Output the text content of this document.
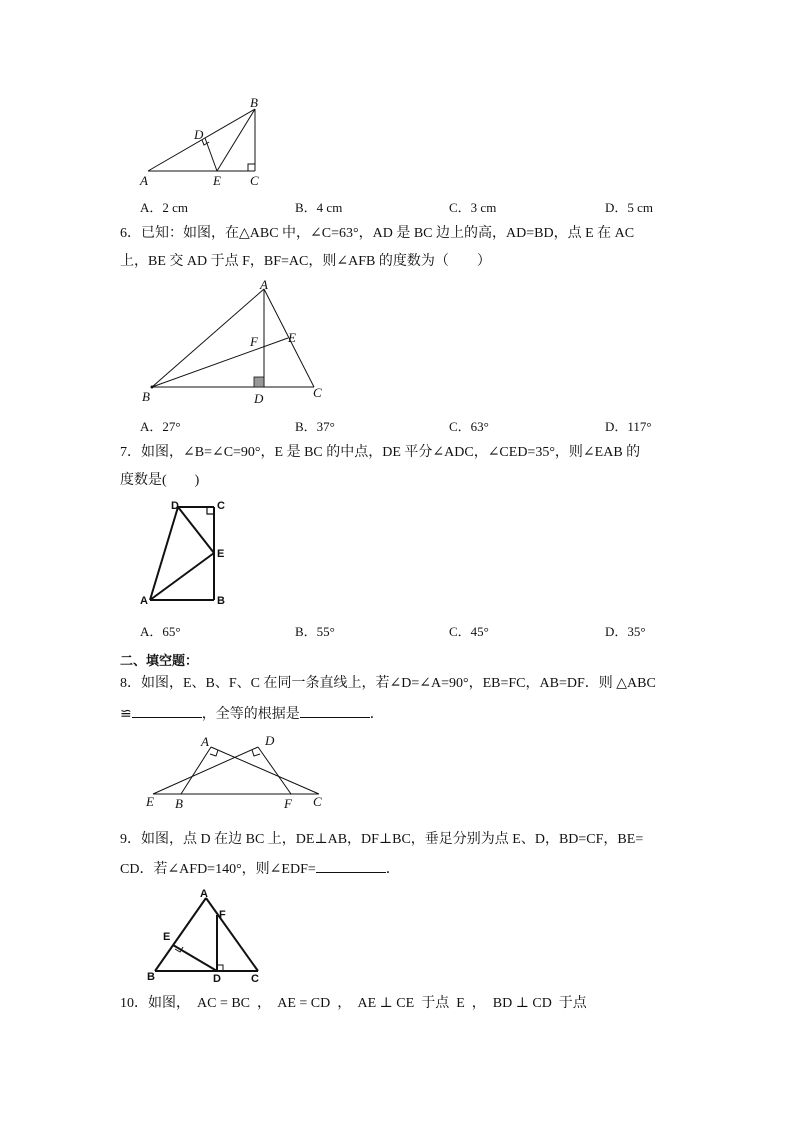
A	E C
B
D
A．2 cm	B．4 cm	C．3 cm	D．5 cm
6．已知：如图，在△ABC 中，∠C=63°，AD 是 BC 边上的高，AD=BD，点 E 在 AC
上，BE 交 AD 于点 F，BF=AC，则∠AFB 的度数为（　　）
A
F E
B	D	C
A．27°	B．37°	C．63°	D．117°
7．如图，∠B=∠C=90°，E 是 BC 的中点，DE 平分∠ADC，∠CED=35°，则∠EAB 的
度数是(　　)
D	C
E
A	B
A．65°	B．55°	C．45°	D．35°
二、填空题：
8．如图，E、B、F、C 在同一条直线上，若∠D=∠A=90°，EB=FC，AB=DF．则 △ABC
≌	，全等的根据是	．
A	D
E B	F C
9．如图，点 D 在边 BC 上，DE⊥AB，DF⊥BC，垂足分别为点 E、D，BD=CF，BE=
CD．若∠AFD=140°，则∠EDF=	．
A
F
E
B	D	C
10．如图，  AC = BC  ，  AE = CD  ，  AE ⊥ CE  于点  E  ，  BD ⊥ CD  于点
